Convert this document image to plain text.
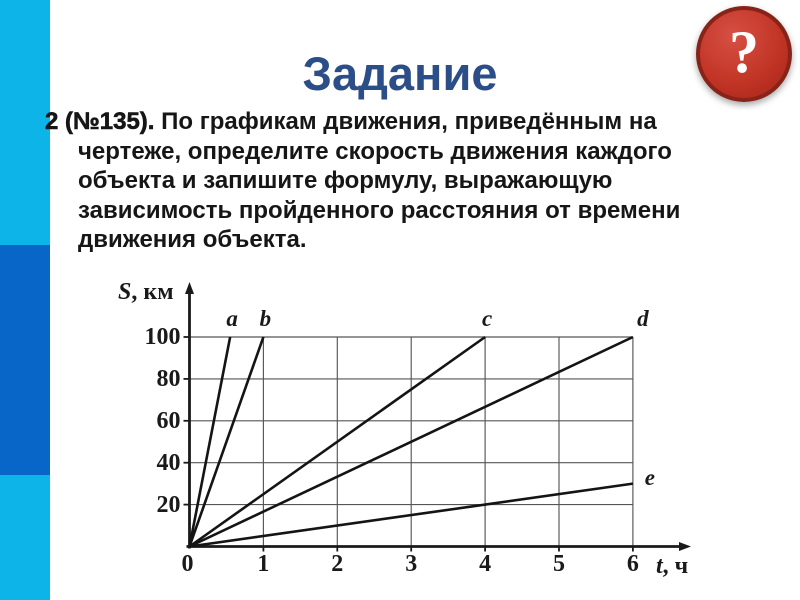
?
Задание
2 (№135). По графикам движения, приведённым на
чертеже, определите скорость движения каждого
объекта и запишите формулу, выражающую
зависимость пройденного расстояния от времени
движения объекта.
S, км
t, ч
100
80
60
40
20
0	1	2	3	4	5	6
a b	c	d
e
